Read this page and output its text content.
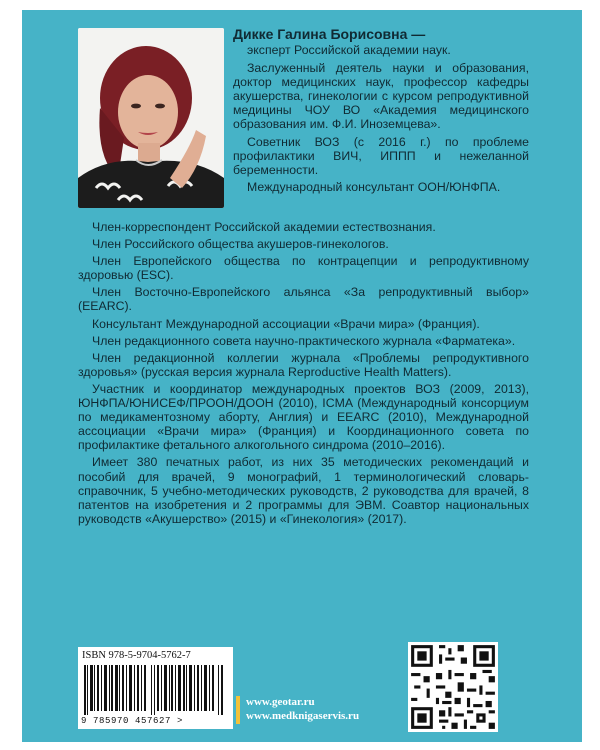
Дикке Галина Борисовна —

эксперт Российской академии наук.

Заслуженный деятель науки и образования, доктор медицинских наук, профессор кафедры акушерства, гинекологии с курсом репродуктивной медицины ЧОУ ВО «Академия медицинского образования им. Ф.И. Иноземцева».

Советник ВОЗ (с 2016 г.) по проблеме профилактики ВИЧ, ИППП и нежеланной беременности.

Международный консультант ООН/ЮНФПА.

Член-корреспондент Российской академии естествознания.

Член Российского общества акушеров-гинекологов.

Член Европейского общества по контрацепции и репродуктивному здоровью (ESC).

Член Восточно-Европейского альянса «За репродуктивный выбор» (EEARC).

Консультант Международной ассоциации «Врачи мира» (Франция).

Член редакционного совета научно-практического журнала «Фарматека».

Член редакционной коллегии журнала «Проблемы репродуктивного здоровья» (русская версия журнала Reproductive Health Matters).

Участник и координатор международных проектов ВОЗ (2009, 2013), ЮНФПА/ЮНИСЕФ/ПРООН/ДООН (2010), ICMA (Международный консорциум по медикаментозному аборту, Англия) и EEARC (2010), Международной ассоциации «Врачи мира» (Франция) и Координационного совета по профилактике фетального алкогольного синдрома (2010–2016).

Имеет 380 печатных работ, из них 35 методических рекомендаций и пособий для врачей, 9 монографий, 1 терминологический словарь-справочник, 5 учебно-методических руководств, 2 руководства для врачей, 8 патентов на изобретения и 2 программы для ЭВМ. Соавтор национальных руководств «Акушерство» (2015) и «Гинекология» (2017).

ISBN 978-5-9704-5762-7
9 785970 457627 >
www.geotar.ru
www.medknigaservis.ru
